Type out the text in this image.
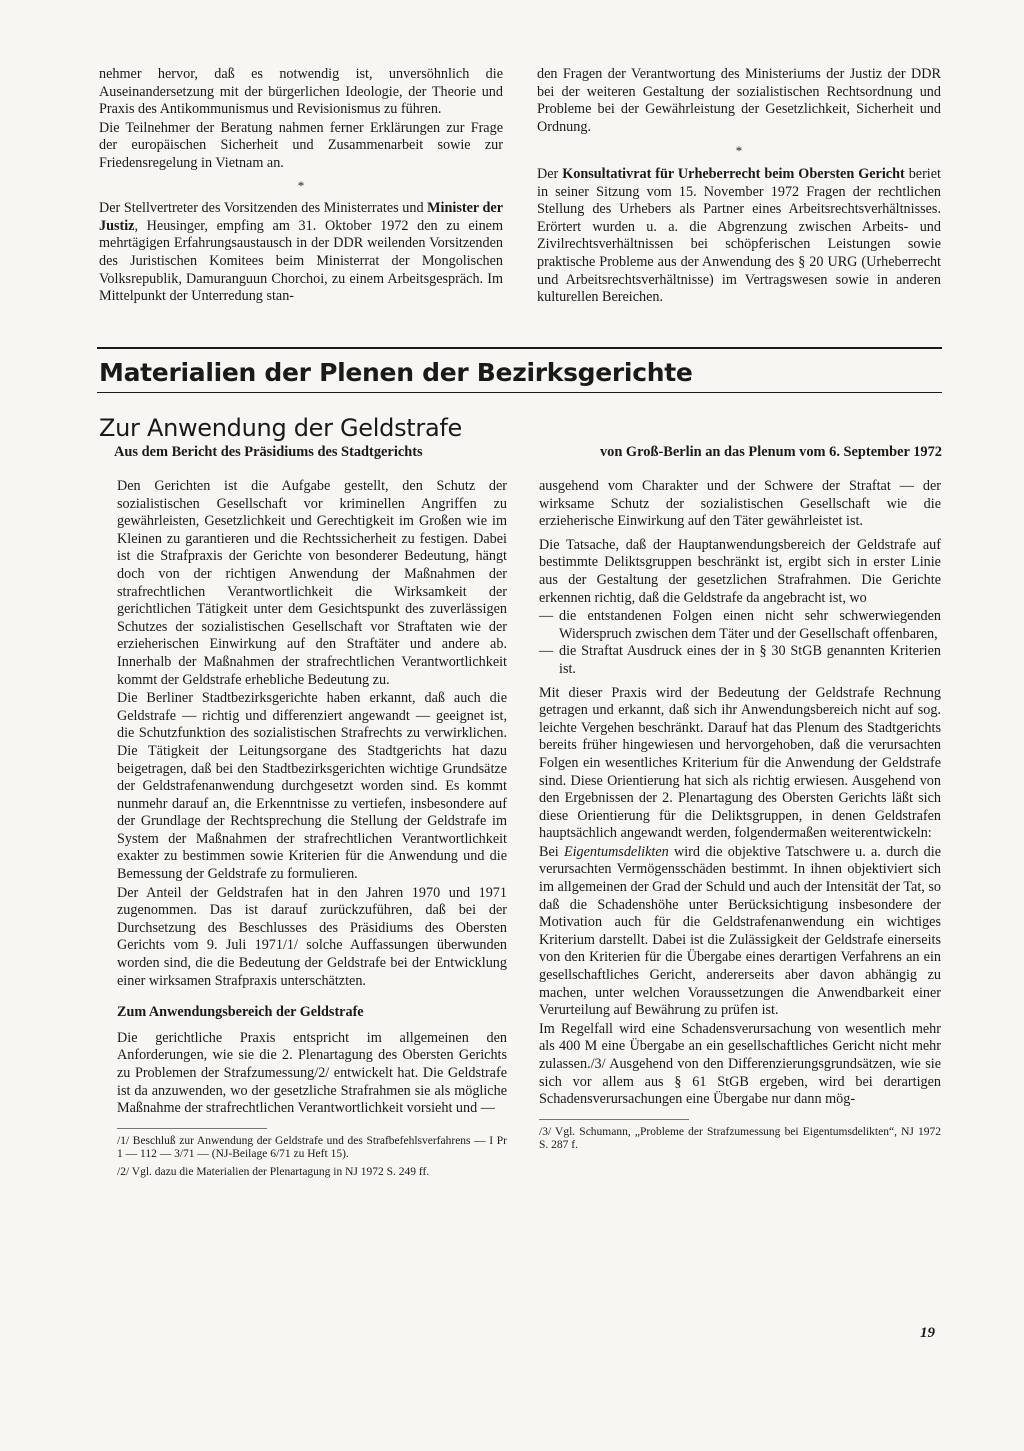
nehmer hervor, daß es notwendig ist, unversöhnlich die Auseinandersetzung mit der bürgerlichen Ideologie, der Theorie und Praxis des Antikommunismus und Revisionismus zu führen.

Die Teilnehmer der Beratung nahmen ferner Erklärungen zur Frage der europäischen Sicherheit und Zusammenarbeit sowie zur Friedensregelung in Vietnam an.

*

Der Stellvertreter des Vorsitzenden des Ministerrates und Minister der Justiz, Heusinger, empfing am 31. Oktober 1972 den zu einem mehrtägigen Erfahrungsaustausch in der DDR weilenden Vorsitzenden des Juristischen Komitees beim Ministerrat der Mongolischen Volksrepublik, Damuranguun Chorchoi, zu einem Arbeitsgespräch. Im Mittelpunkt der Unterredung stan-

den Fragen der Verantwortung des Ministeriums der Justiz der DDR bei der weiteren Gestaltung der sozialistischen Rechtsordnung und Probleme bei der Gewährleistung der Gesetzlichkeit, Sicherheit und Ordnung.

*

Der Konsultativrat für Urheberrecht beim Obersten Gericht beriet in seiner Sitzung vom 15. November 1972 Fragen der rechtlichen Stellung des Urhebers als Partner eines Arbeitsrechtsverhältnisses. Erörtert wurden u. a. die Abgrenzung zwischen Arbeits- und Zivilrechtsverhältnissen bei schöpferischen Leistungen sowie praktische Probleme aus der Anwendung des § 20 URG (Urheberrecht und Arbeitsrechtsverhältnisse) im Vertragswesen sowie in anderen kulturellen Bereichen.

Materialien der Plenen der Bezirksgerichte
Zur Anwendung der Geldstrafe
Aus dem Bericht des Präsidiums des Stadtgerichts	von Groß-Berlin an das Plenum vom 6. September 1972

Den Gerichten ist die Aufgabe gestellt, den Schutz der sozialistischen Gesellschaft vor kriminellen Angriffen zu gewährleisten, Gesetzlichkeit und Gerechtigkeit im Großen wie im Kleinen zu garantieren und die Rechtssicherheit zu festigen. Dabei ist die Strafpraxis der Gerichte von besonderer Bedeutung, hängt doch von der richtigen Anwendung der Maßnahmen der strafrechtlichen Verantwortlichkeit die Wirksamkeit der gerichtlichen Tätigkeit unter dem Gesichtspunkt des zuverlässigen Schutzes der sozialistischen Gesellschaft vor Straftaten wie der erzieherischen Einwirkung auf den Straftäter und andere ab. Innerhalb der Maßnahmen der strafrechtlichen Verantwortlichkeit kommt der Geldstrafe erhebliche Bedeutung zu.

Die Berliner Stadtbezirksgerichte haben erkannt, daß auch die Geldstrafe — richtig und differenziert angewandt — geeignet ist, die Schutzfunktion des sozialistischen Strafrechts zu verwirklichen. Die Tätigkeit der Leitungsorgane des Stadtgerichts hat dazu beigetragen, daß bei den Stadtbezirksgerichten wichtige Grundsätze der Geldstrafenanwendung durchgesetzt worden sind. Es kommt nunmehr darauf an, die Erkenntnisse zu vertiefen, insbesondere auf der Grundlage der Rechtsprechung die Stellung der Geldstrafe im System der Maßnahmen der strafrechtlichen Verantwortlichkeit exakter zu bestimmen sowie Kriterien für die Anwendung und die Bemessung der Geldstrafe zu formulieren.

Der Anteil der Geldstrafen hat in den Jahren 1970 und 1971 zugenommen. Das ist darauf zurückzuführen, daß bei der Durchsetzung des Beschlusses des Präsidiums des Obersten Gerichts vom 9. Juli 1971/1/ solche Auffassungen überwunden worden sind, die die Bedeutung der Geldstrafe bei der Entwicklung einer wirksamen Strafpraxis unterschätzten.

Zum Anwendungsbereich der Geldstrafe

Die gerichtliche Praxis entspricht im allgemeinen den Anforderungen, wie sie die 2. Plenartagung des Obersten Gerichts zu Problemen der Strafzumessung/2/ entwickelt hat. Die Geldstrafe ist da anzuwenden, wo der gesetzliche Strafrahmen sie als mögliche Maßnahme der strafrechtlichen Verantwortlichkeit vorsieht und —

/1/ Beschluß zur Anwendung der Geldstrafe und des Strafbefehlsverfahrens — I Pr 1 — 112 — 3/71 — (NJ-Beilage 6/71 zu Heft 15).

/2/ Vgl. dazu die Materialien der Plenartagung in NJ 1972 S. 249 ff.

ausgehend vom Charakter und der Schwere der Straftat — der wirksame Schutz der sozialistischen Gesellschaft wie die erzieherische Einwirkung auf den Täter gewährleistet ist.

Die Tatsache, daß der Hauptanwendungsbereich der Geldstrafe auf bestimmte Deliktsgruppen beschränkt ist, ergibt sich in erster Linie aus der Gestaltung der gesetzlichen Strafrahmen. Die Gerichte erkennen richtig, daß die Geldstrafe da angebracht ist, wo

— die entstandenen Folgen einen nicht sehr schwerwiegenden Widerspruch zwischen dem Täter und der Gesellschaft offenbaren,
— die Straftat Ausdruck eines der in § 30 StGB genannten Kriterien ist.

Mit dieser Praxis wird der Bedeutung der Geldstrafe Rechnung getragen und erkannt, daß sich ihr Anwendungsbereich nicht auf sog. leichte Vergehen beschränkt. Darauf hat das Plenum des Stadtgerichts bereits früher hingewiesen und hervorgehoben, daß die verursachten Folgen ein wesentliches Kriterium für die Anwendung der Geldstrafe sind. Diese Orientierung hat sich als richtig erwiesen. Ausgehend von den Ergebnissen der 2. Plenartagung des Obersten Gerichts läßt sich diese Orientierung für die Deliktsgruppen, in denen Geldstrafen hauptsächlich angewandt werden, folgendermaßen weiterentwickeln:

Bei Eigentumsdelikten wird die objektive Tatschwere u. a. durch die verursachten Vermögensschäden bestimmt. In ihnen objektiviert sich im allgemeinen der Grad der Schuld und auch der Intensität der Tat, so daß die Schadenshöhe unter Berücksichtigung insbesondere der Motivation auch für die Geldstrafenanwendung ein wichtiges Kriterium darstellt. Dabei ist die Zulässigkeit der Geldstrafe einerseits von den Kriterien für die Übergabe eines derartigen Verfahrens an ein gesellschaftliches Gericht, andererseits aber davon abhängig zu machen, unter welchen Voraussetzungen die Anwendbarkeit einer Verurteilung auf Bewährung zu prüfen ist.

Im Regelfall wird eine Schadensverursachung von wesentlich mehr als 400 M eine Übergabe an ein gesellschaftliches Gericht nicht mehr zulassen./3/ Ausgehend von den Differenzierungsgrundsätzen, wie sie sich vor allem aus § 61 StGB ergeben, wird bei derartigen Schadensverursachungen eine Übergabe nur dann mög-

/3/ Vgl. Schumann, „Probleme der Strafzumessung bei Eigentumsdelikten“, NJ 1972 S. 287 f.

19
